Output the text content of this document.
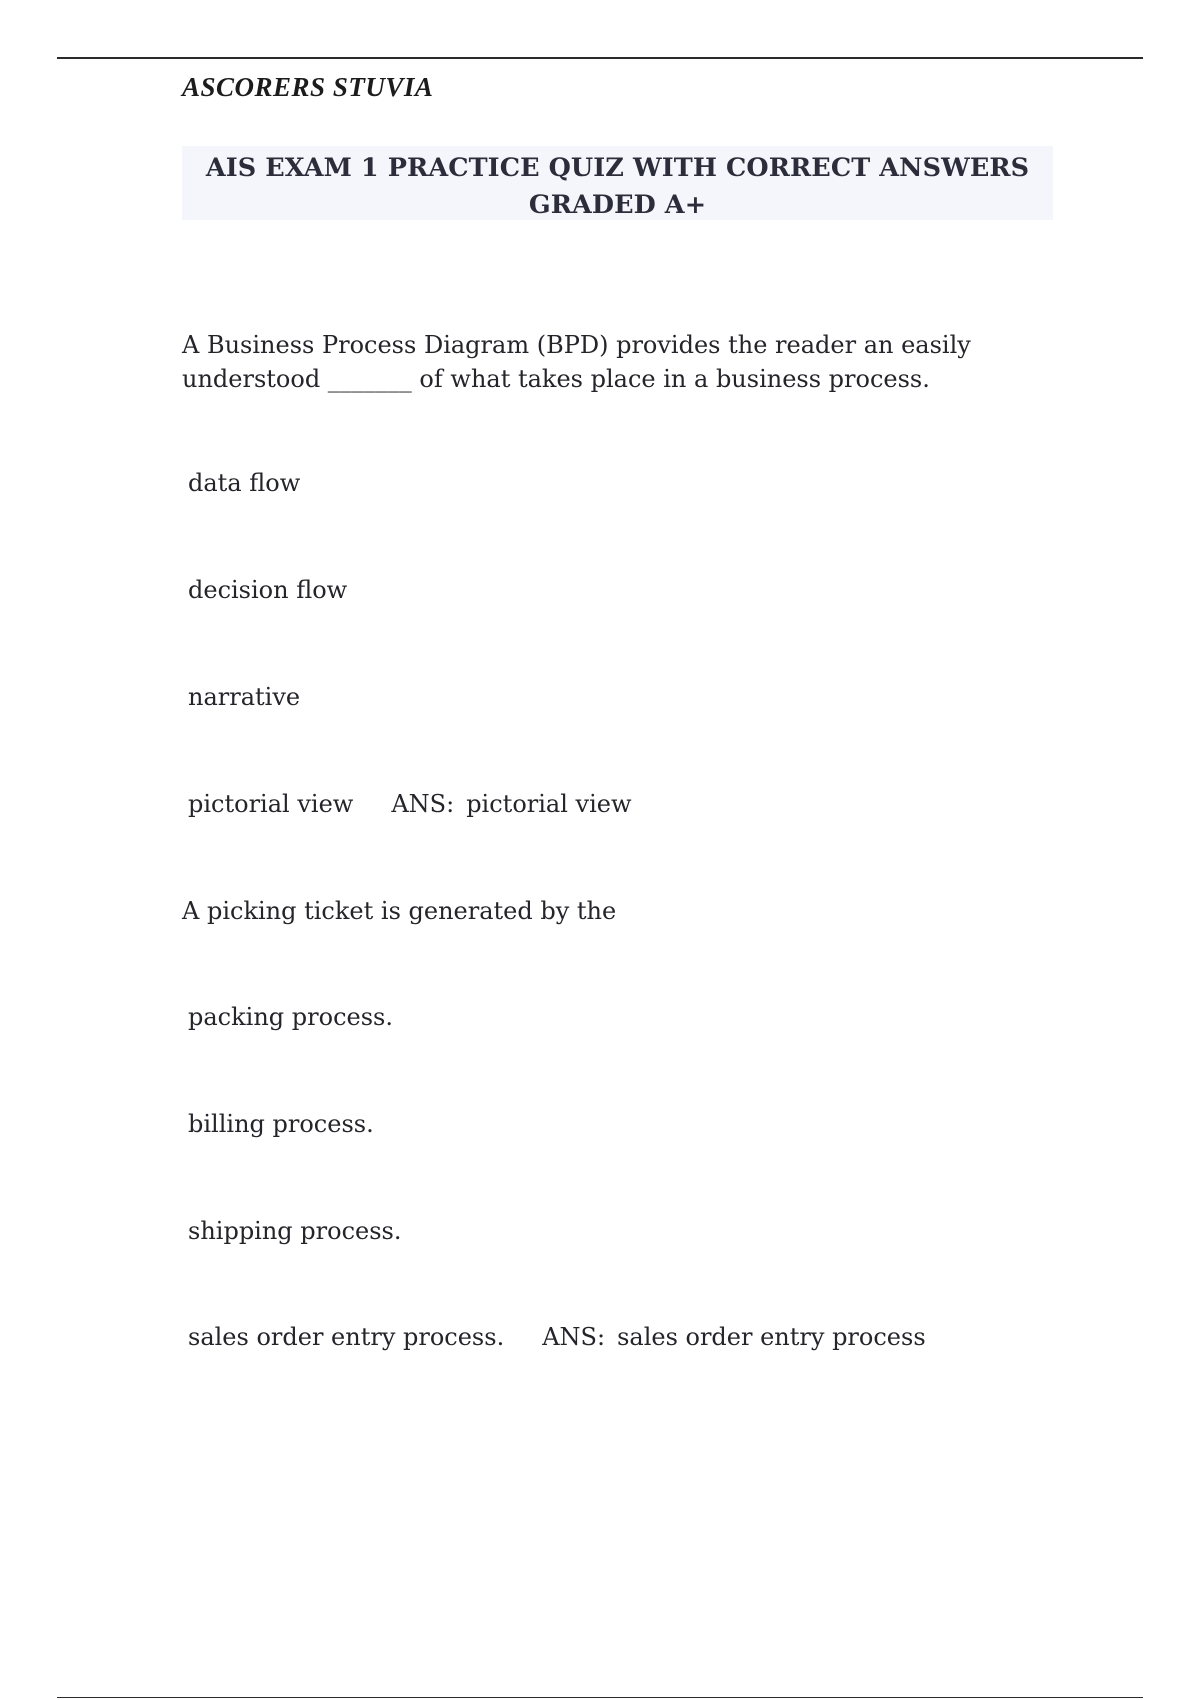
ASCORERS STUVIA
AIS EXAM 1 PRACTICE QUIZ WITH CORRECT ANSWERS
GRADED A+
A Business Process Diagram (BPD) provides the reader an easily
understood _______ of what takes place in a business process.
data flow
decision flow
narrative
pictorial view ANS: pictorial view
A picking ticket is generated by the
packing process.
billing process.
shipping process.
sales order entry process. ANS: sales order entry process
